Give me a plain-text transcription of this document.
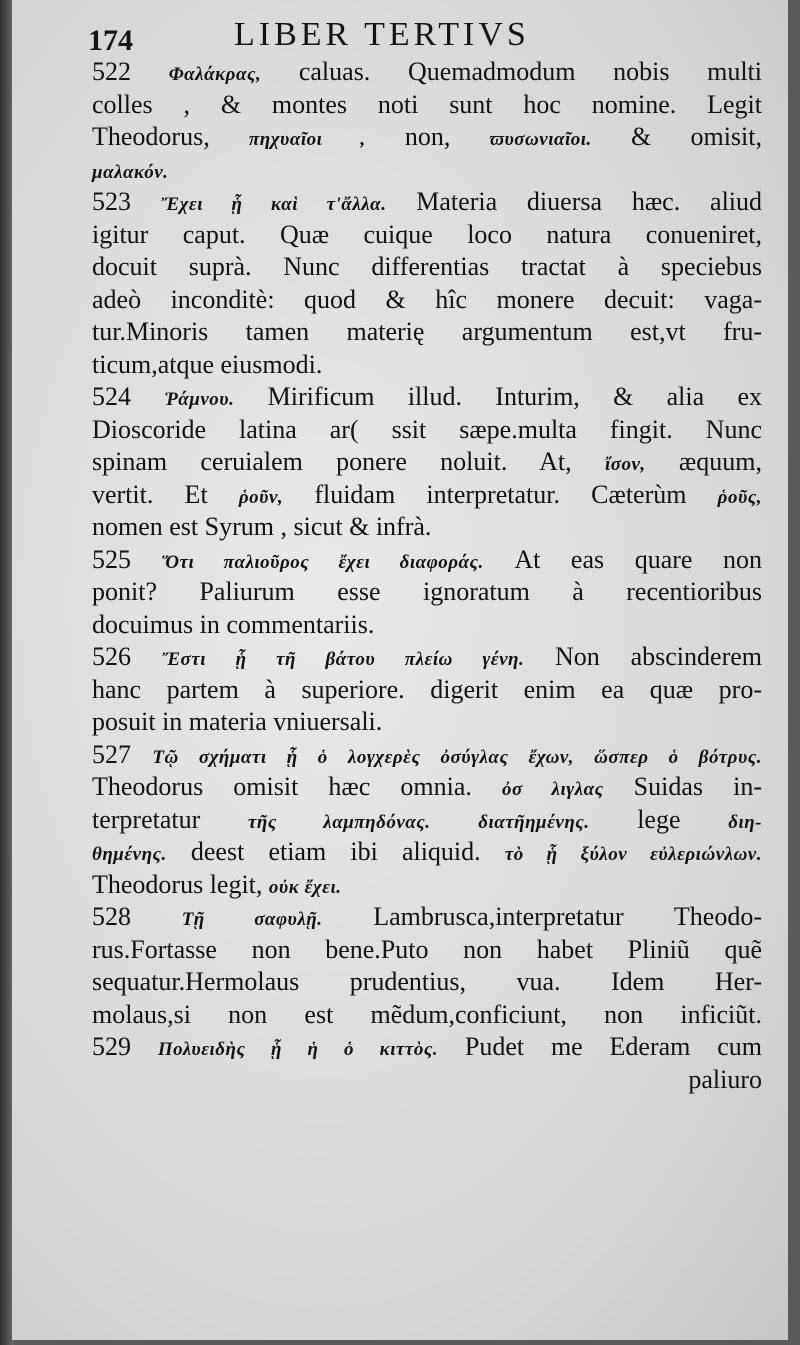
174	LIBER TERTIVS
522 Φαλάκρας, caluas. Quemadmodum nobis multi
colles , & montes noti sunt hoc nomine. Legit
Theodorus, πηχυαῖοι , non, ϖυσωνιαῖοι. & omisit,
μαλακόν.
523 Ἔχει ᾗ καὶ τ'ἄλλα. Materia diuersa hæc. aliud
igitur caput. Quæ cuique loco natura conueniret,
docuit suprà. Nunc differentias tractat à speciebus
adeò inconditè: quod & hîc monere decuit: vaga-
tur.Minoris tamen materię argumentum est,vt fru-
ticum,atque eiusmodi.
524 Ῥάμνου. Mirificum illud. Inturim, & alia ex
Dioscoride latina ar( ssit sæpe.multa fingit. Nunc
spinam ceruialem ponere noluit. At, ἴσον, æquum,
vertit. Et ῥοῦν, fluidam interpretatur. Cæterùm ῥοῦς,
nomen est Syrum , sicut & infrà.
525 Ὅτι παλιοῦρος ἔχει διαφοράς. At eas quare non
ponit? Paliurum esse ignoratum à recentioribus
docuimus in commentariis.
526 Ἔστι ᾗ τῆ βάτου πλείω γένη. Non abscinderem
hanc partem à superiore. digerit enim ea quæ pro-
posuit in materia vniuersali.
527 Τῷ σχήματι ᾗ ὁ λογχερὲς ὀσύγλας ἔχων, ὥσπερ ὁ βότρυς.
Theodorus omisit hæc omnia. ὀσ λιγλας Suidas in-
terpretatur τῆς λαμπηδόνας.	διατῆημένης. lege διη-
θημένης. deest etiam ibi aliquid. τὸ ᾗ ξύλον εὐλεριώνλων.
Theodorus legit, οὐκ ἔχει.
528 Τῇ σαφυλῇ. Lambrusca,interpretatur Theodo-
rus.Fortasse non bene.Puto non habet Pliniũ quẽ
sequatur.Hermolaus prudentius, vua. Idem Her-
molaus,si non est mẽdum,conficiunt, non inficiũt.
529 Πολυειδὴς ᾗ ἡ ὁ κιττὸς. Pudet me Ederam cum
paliuro
